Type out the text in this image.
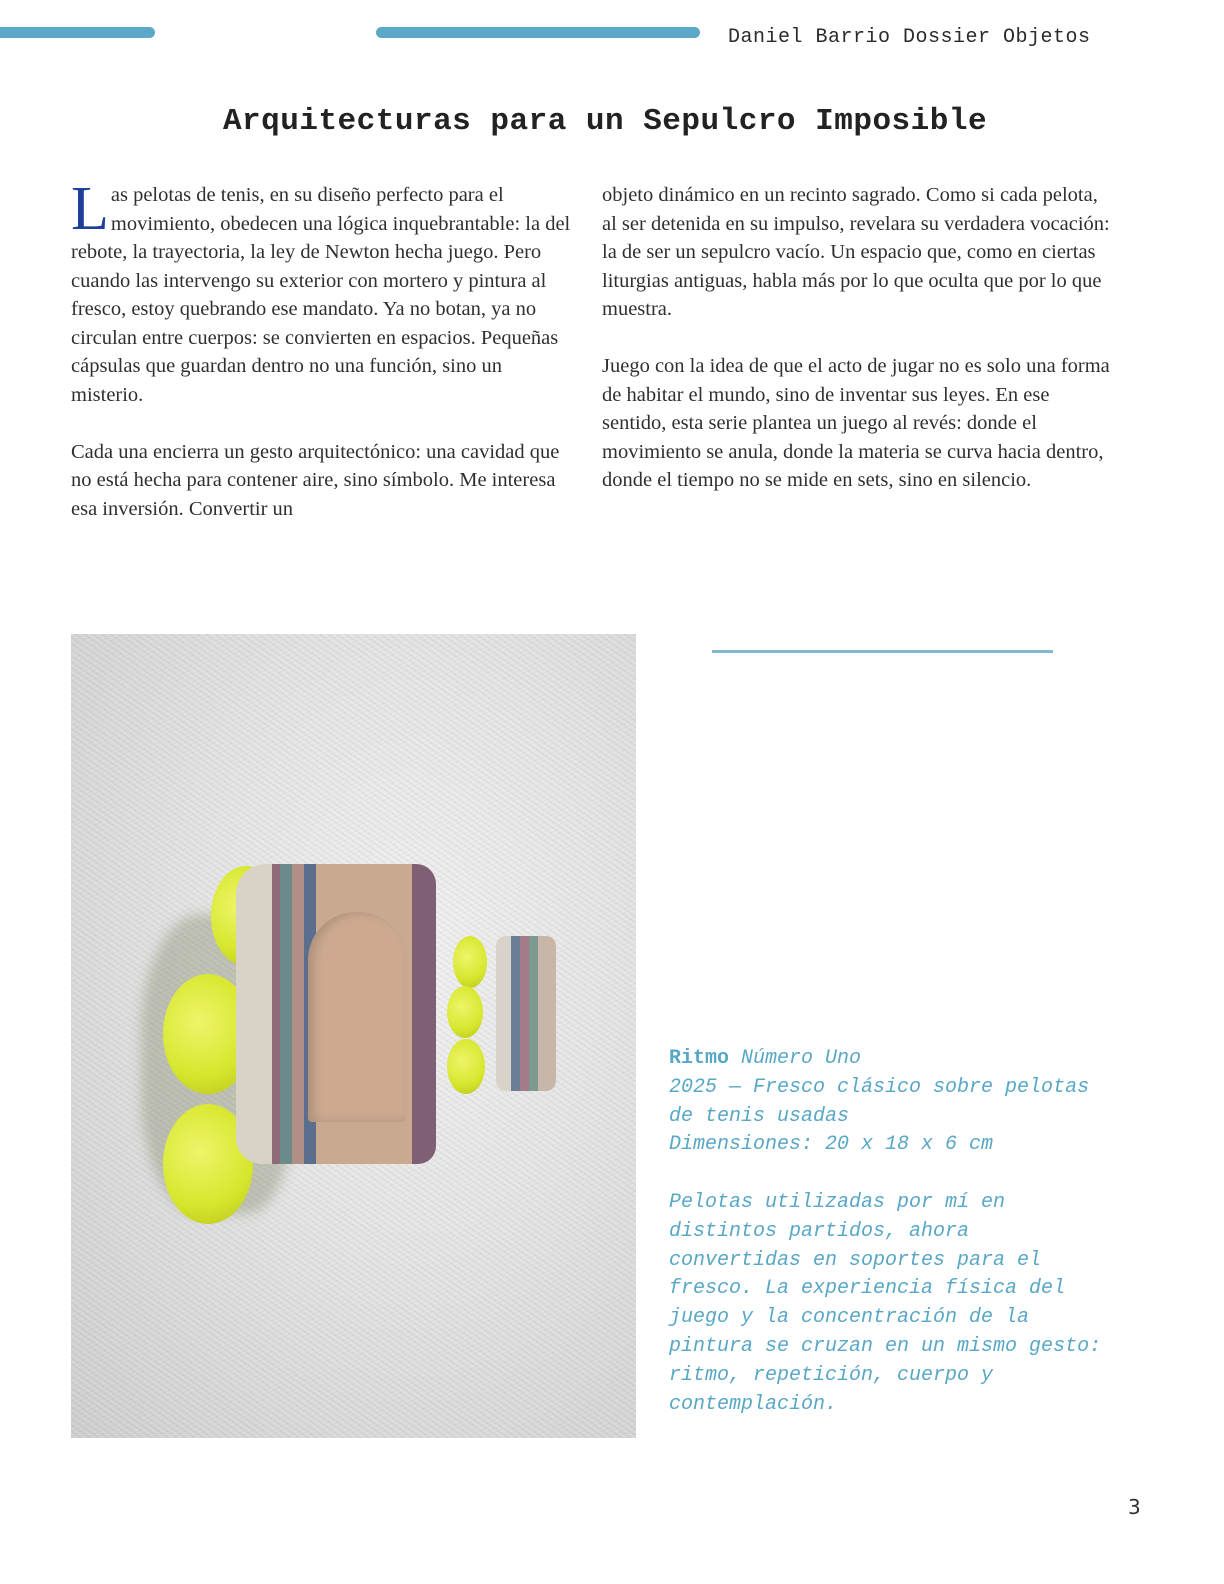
Daniel Barrio Dossier Objetos
Arquitecturas para un Sepulcro Imposible

Las pelotas de tenis, en su diseño perfecto para el movimiento, obedecen una lógica inquebrantable: la del rebote, la trayectoria, la ley de Newton hecha juego. Pero cuando las intervengo su exterior con mortero y pintura al fresco, estoy quebrando ese mandato. Ya no botan, ya no circulan entre cuerpos: se convierten en espacios. Pequeñas cápsulas que guardan dentro no una función, sino un misterio.

Cada una encierra un gesto arquitectónico: una cavidad que no está hecha para contener aire, sino símbolo. Me interesa esa inversión. Convertir un

objeto dinámico en un recinto sagrado. Como si cada pelota, al ser detenida en su impulso, revelara su verdadera vocación: la de ser un sepulcro vacío. Un espacio que, como en ciertas liturgias antiguas, habla más por lo que oculta que por lo que muestra.

Juego con la idea de que el acto de jugar no es solo una forma de habitar el mundo, sino de inventar sus leyes. En ese sentido, esta serie plantea un juego al revés: donde el movimiento se anula, donde la materia se curva hacia dentro, donde el tiempo no se mide en sets, sino en silencio.

Ritmo Número Uno
2025 — Fresco clásico sobre pelotas de tenis usadas
Dimensiones: 20 x 18 x 6 cm

Pelotas utilizadas por mí en distintos partidos, ahora convertidas en soportes para el fresco. La experiencia física del juego y la concentración de la pintura se cruzan en un mismo gesto: ritmo, repetición, cuerpo y contemplación.

3
